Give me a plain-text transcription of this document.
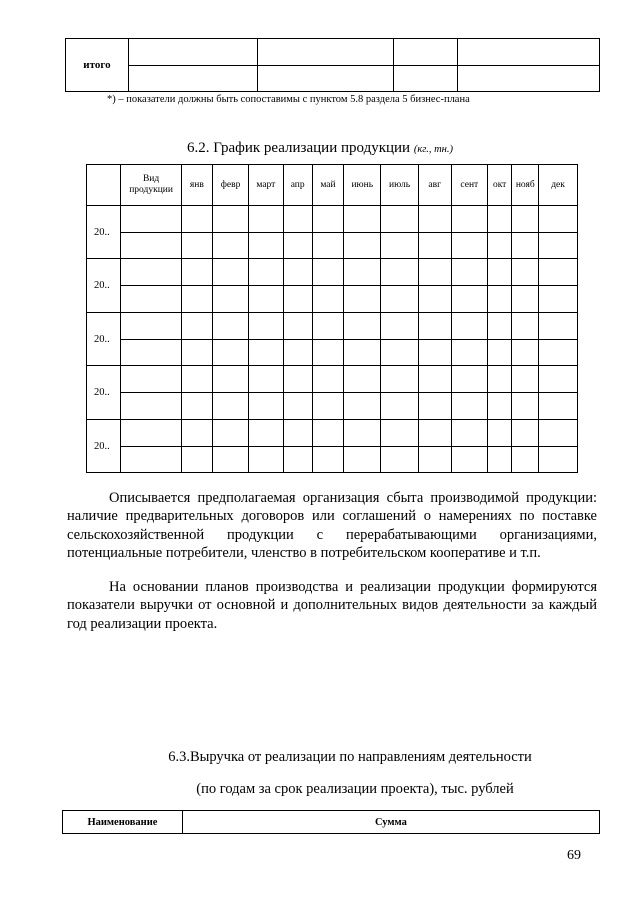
итого				

*) – показатели должны быть сопоставимы с пунктом 5.8 раздела 5 бизнес-плана
6.2. График реализации продукции (кг., тн.)
	Вид
продукции	янв	февр	март	апр	май	июнь	июль	авг	сент	окт	нояб	дек
20..													

20..													

20..													

20..													

20..													

Описывается предполагаемая организация сбыта производимой продукции: наличие предварительных договоров или соглашений о намерениях по поставке сельскохозяйственной продукции с перерабатывающими организациями, потенциальные потребители, членство в потребительском кооперативе и т.п.
На основании планов производства и реализации продукции формируются показатели выручки от основной и дополнительных видов деятельности за каждый год реализации проекта.
6.3.Выручка от реализации по направлениям деятельности
(по годам за срок реализации проекта), тыс. рублей
Наименование	Сумма
69
